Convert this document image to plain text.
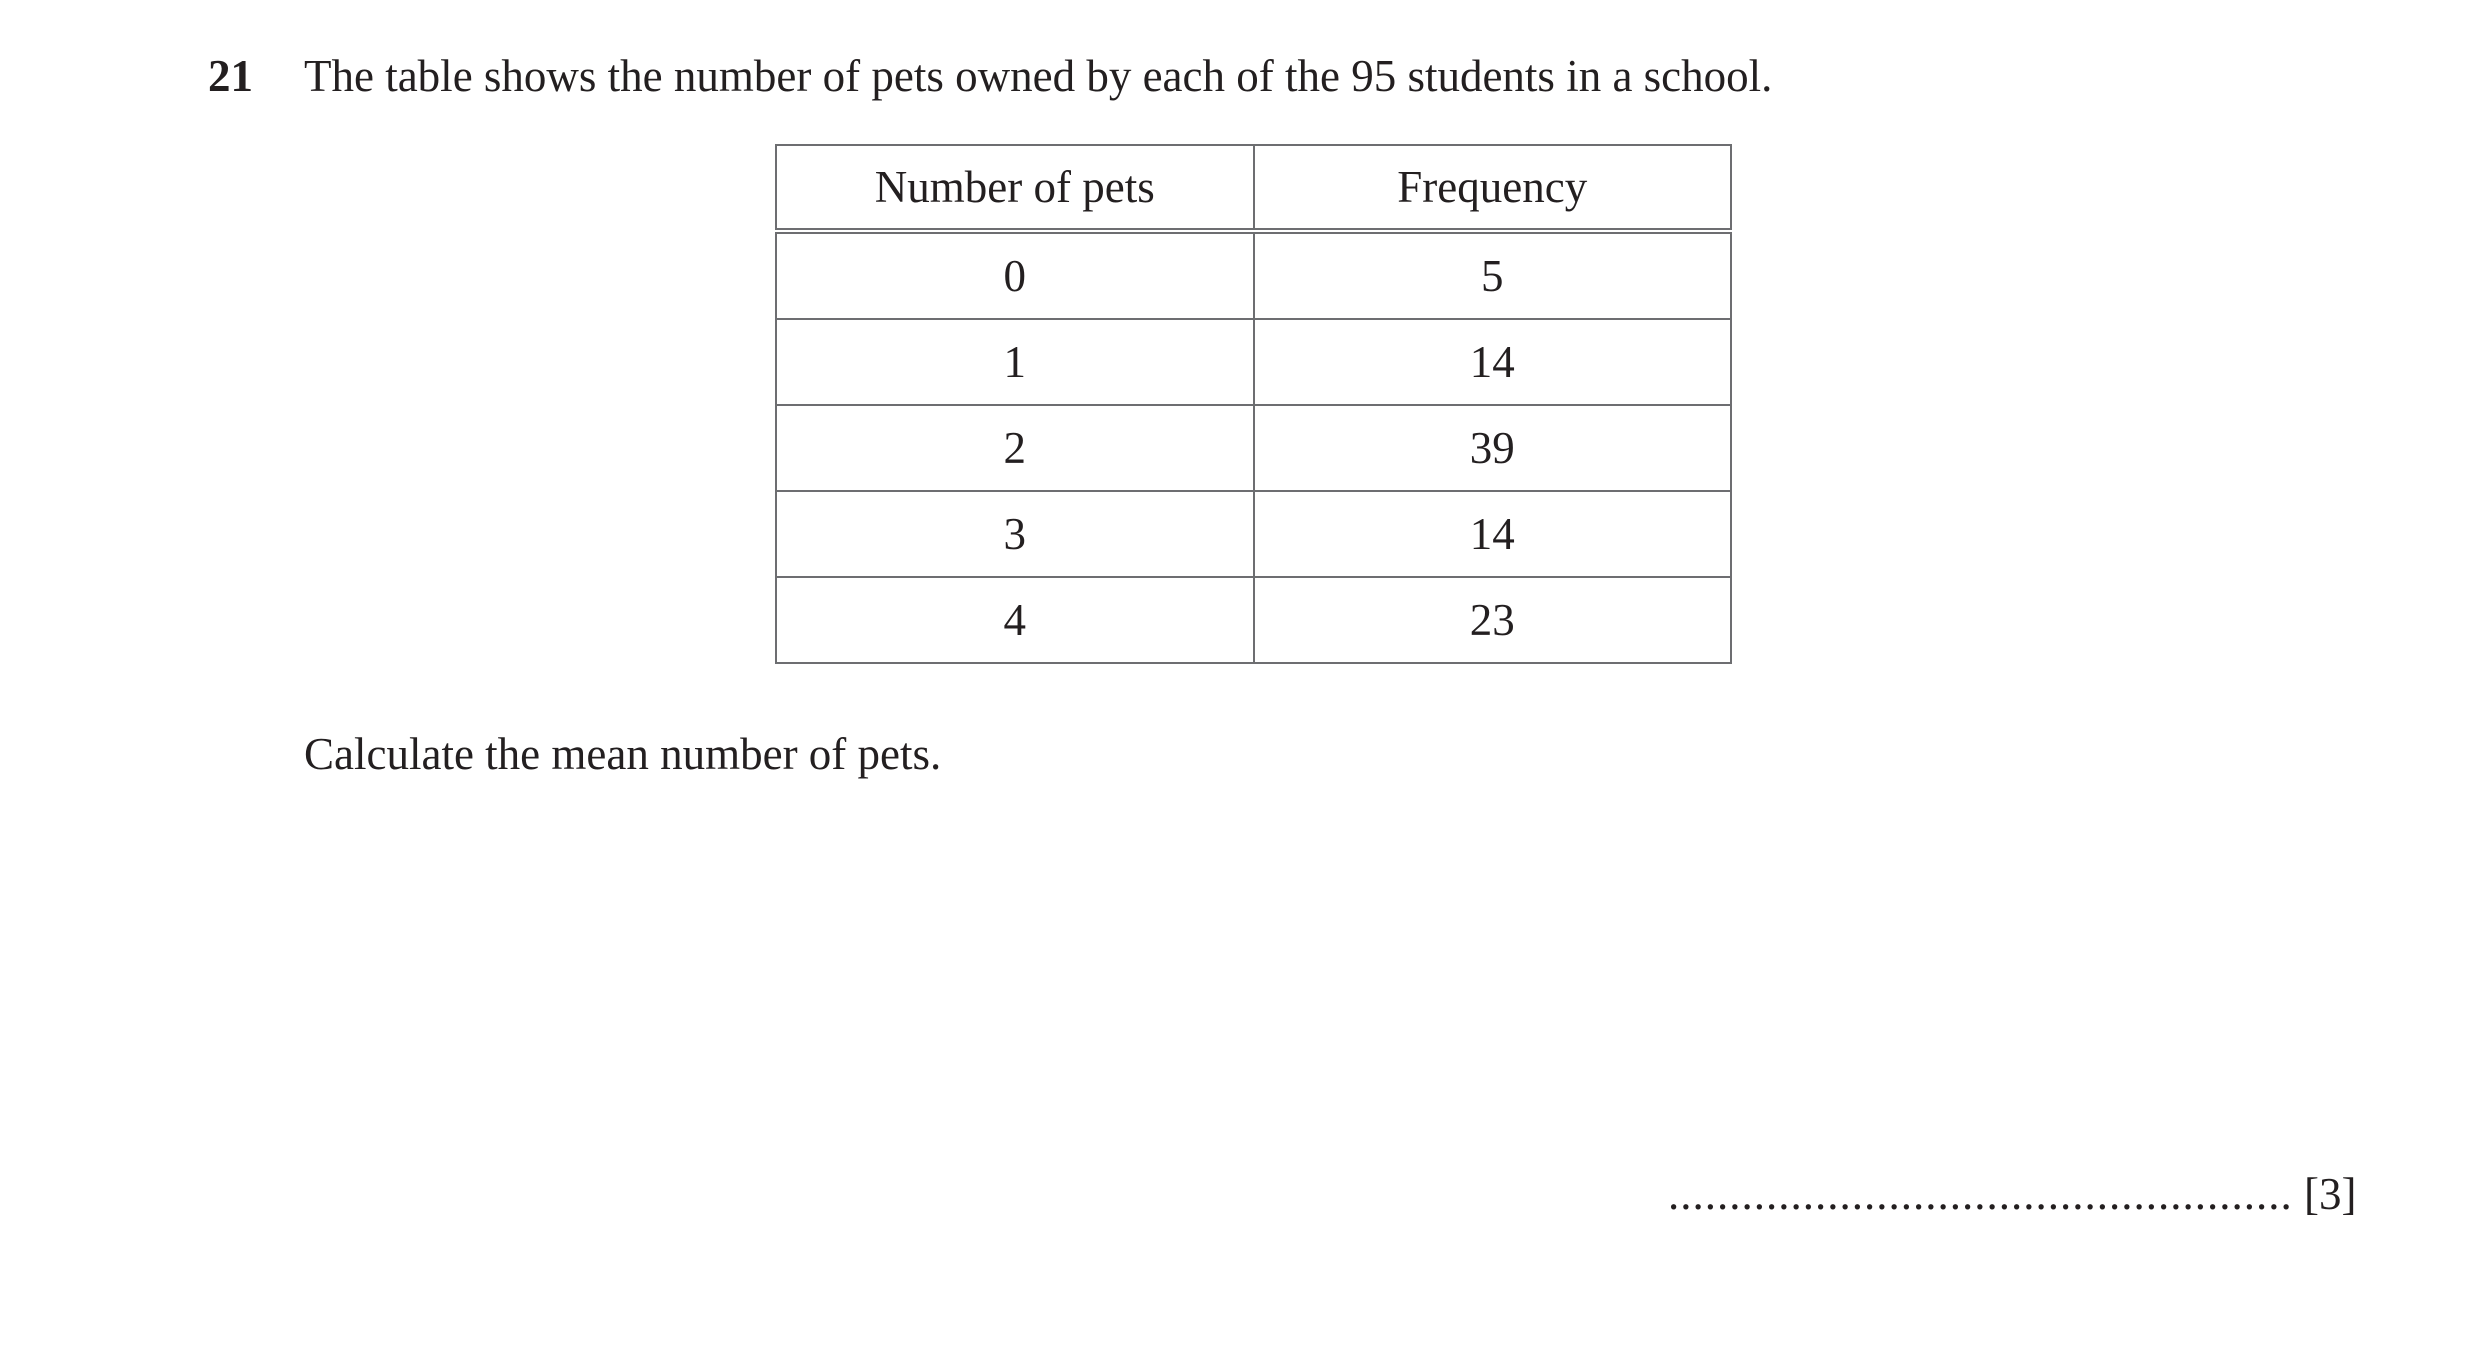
21 The table shows the number of pets owned by each of the 95 students in a school.
Number of pets	Frequency
0	5
1	14
2	39
3	14
4	23
Calculate the mean number of pets.
................................................... [3]
